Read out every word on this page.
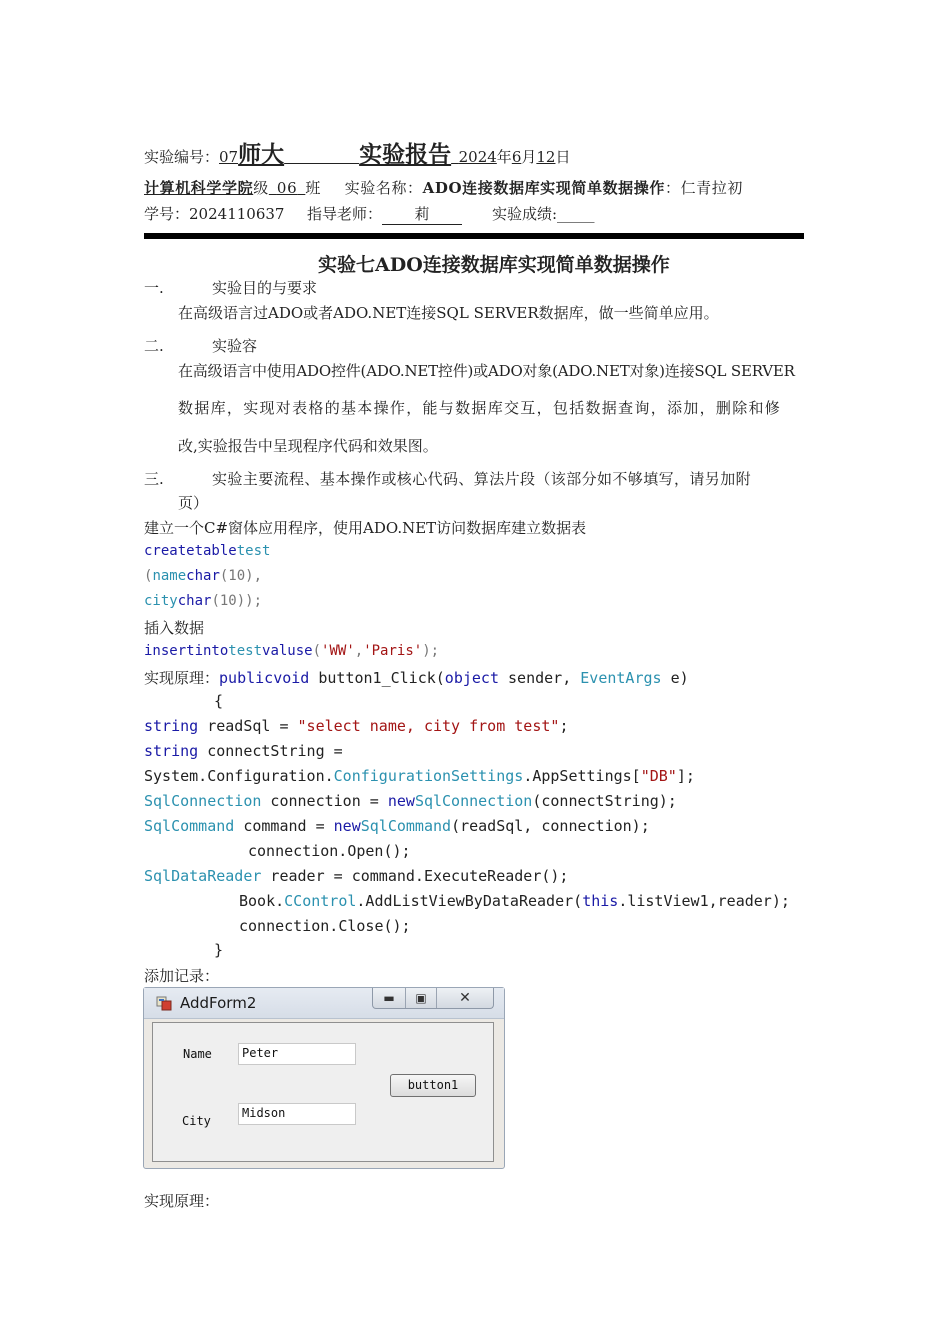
实验编号：07师大     	实验报告  2024年6月12日
计算机科学学院级  06  班   实验名称：ADO连接数据库实现简单数据操作：仁青拉初
学号：2024110637   指导老师： 莉  	实验成绩:_____
实验七ADO连接数据库实现简单数据操作
一.	实验目的与要求
在高级语言过ADO或者ADO.NET连接SQL SERVER数据库，做一些简单应用。
二.	实验容
在高级语言中使用ADO控件(ADO.NET控件)或ADO对象(ADO.NET对象)连接SQL SERVER
数据库，实现对表格的基本操作，能与数据库交互，包括数据查询，添加，删除和修
改,实验报告中呈现程序代码和效果图。
三.	实验主要流程、基本操作或核心代码、算法片段（该部分如不够填写，请另加附
页）
建立一个C#窗体应用程序，使用ADO.NET访问数据库建立数据表
createtabletest
(namechar(10),
citychar(10));
插入数据
insertintotestvaluse('WW','Paris');
实现原理：publicvoid button1_Click(object sender, EventArgs e)
{
string readSql = "select name, city from test";
string connectString =
System.Configuration.ConfigurationSettings.AppSettings["DB"];
SqlConnection connection = newSqlConnection(connectString);
SqlCommand command = newSqlCommand(readSql, connection);
connection.Open();
SqlDataReader reader = command.ExecuteReader();
Book.CControl.AddListViewByDataReader(this.listView1,reader);
connection.Close();
}
添加记录：
AddForm2	▬	▣	✕
Name	Peter
button1
City
Midson
实现原理：
